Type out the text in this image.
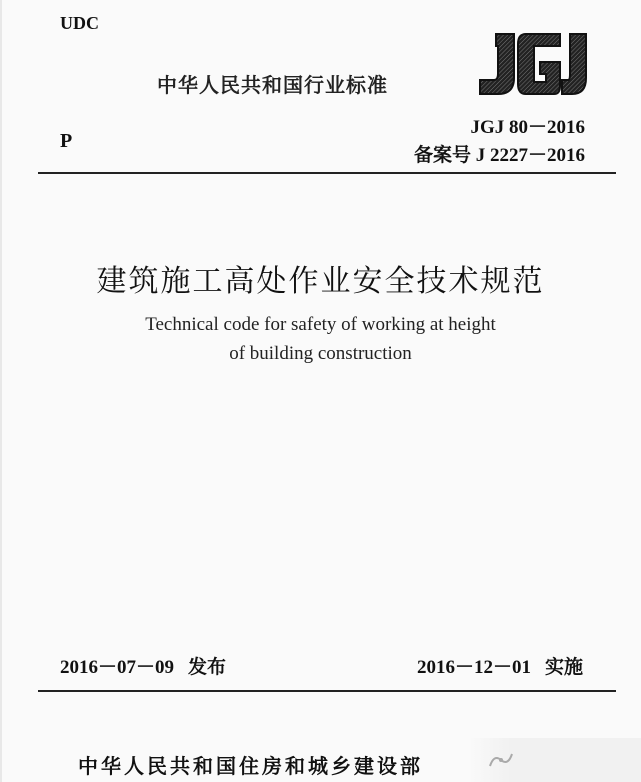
UDC
中华人民共和国行业标准
P
JGJ 80－2016
备案号 J 2227－2016
建筑施工高处作业安全技术规范
Technical code for safety of working at height
of building construction
2016－07－09 发布	2016－12－01 实施
中华人民共和国住房和城乡建设部
